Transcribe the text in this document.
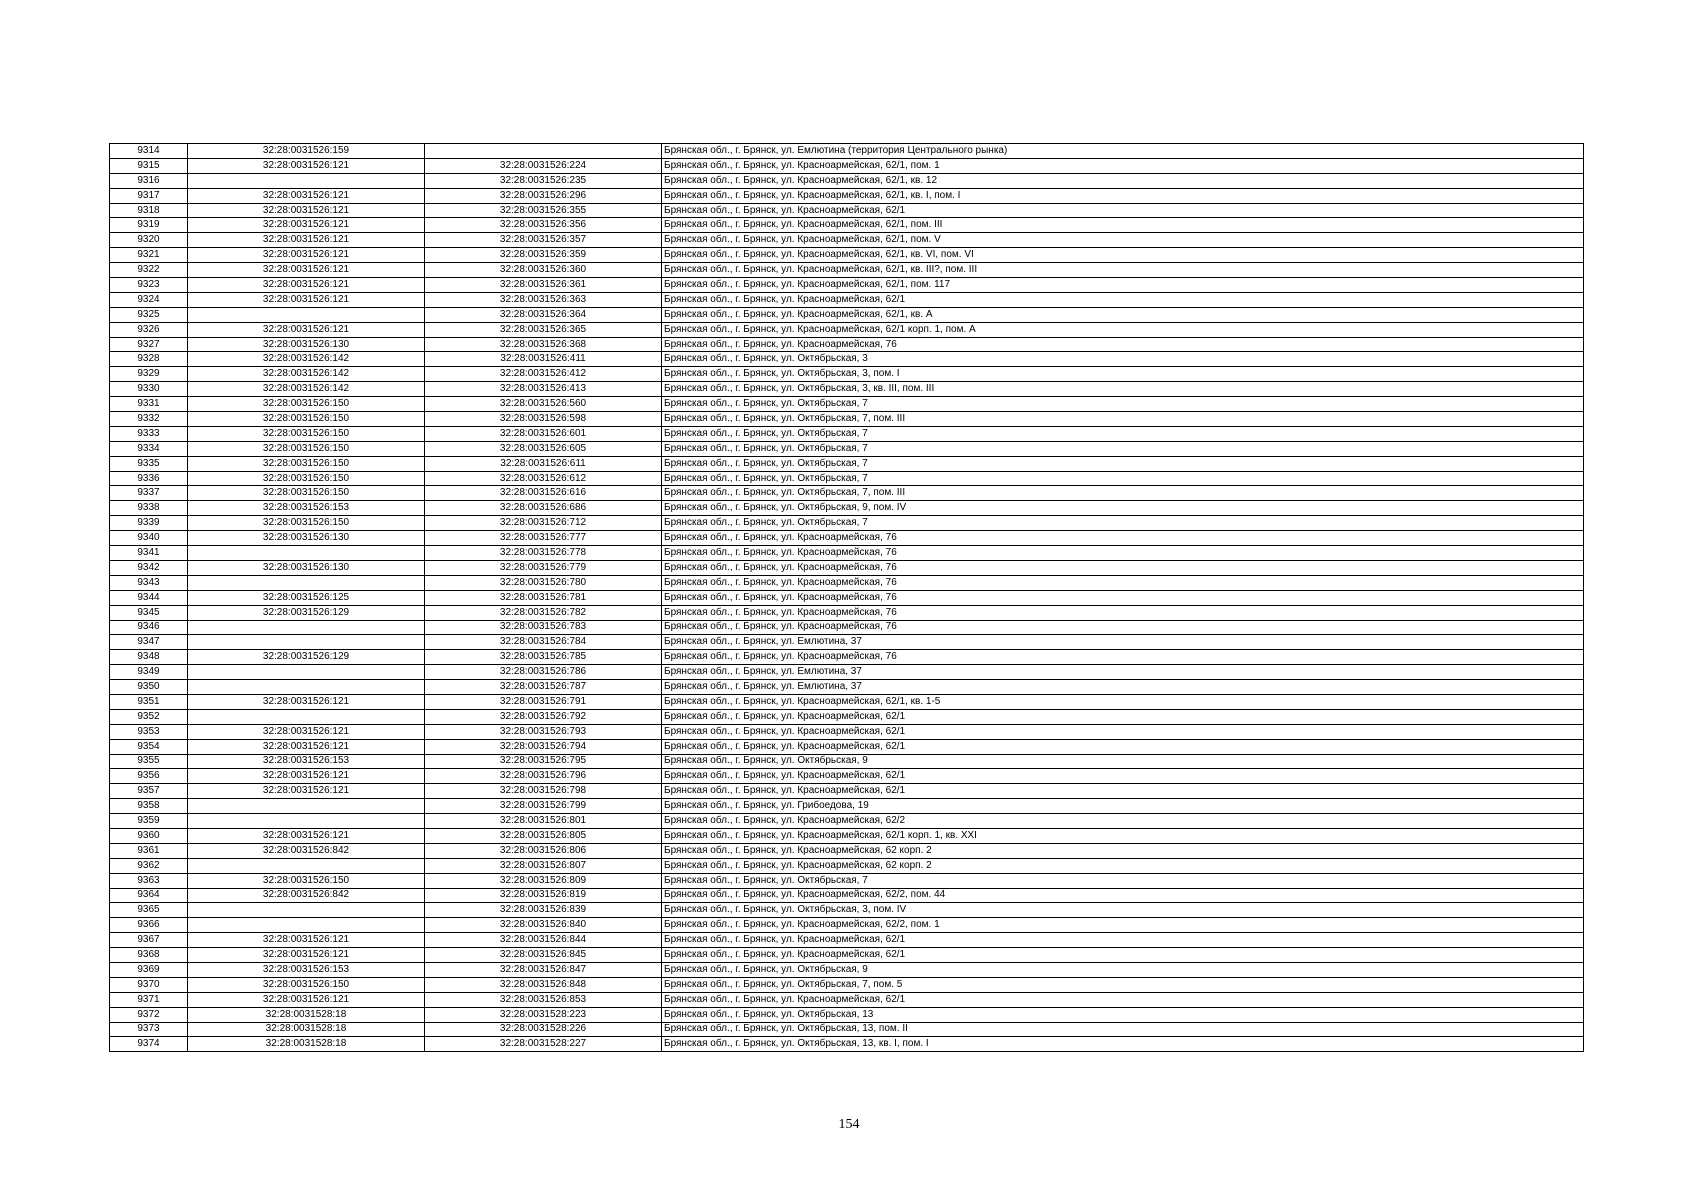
9314	32:28:0031526:159		Брянская обл., г. Брянск, ул. Емлютина (территория Центрального рынка)
9315	32:28:0031526:121	32:28:0031526:224	Брянская обл., г. Брянск, ул. Красноармейская, 62/1, пом. 1
9316		32:28:0031526:235	Брянская обл., г. Брянск, ул. Красноармейская, 62/1, кв. 12
9317	32:28:0031526:121	32:28:0031526:296	Брянская обл., г. Брянск, ул. Красноармейская, 62/1, кв. I, пом. I
9318	32:28:0031526:121	32:28:0031526:355	Брянская обл., г. Брянск, ул. Красноармейская, 62/1
9319	32:28:0031526:121	32:28:0031526:356	Брянская обл., г. Брянск, ул. Красноармейская, 62/1, пом. III
9320	32:28:0031526:121	32:28:0031526:357	Брянская обл., г. Брянск, ул. Красноармейская, 62/1, пом. V
9321	32:28:0031526:121	32:28:0031526:359	Брянская обл., г. Брянск, ул. Красноармейская, 62/1, кв. VI, пом. VI
9322	32:28:0031526:121	32:28:0031526:360	Брянская обл., г. Брянск, ул. Красноармейская, 62/1, кв. III?, пом. III
9323	32:28:0031526:121	32:28:0031526:361	Брянская обл., г. Брянск, ул. Красноармейская, 62/1, пом. 117
9324	32:28:0031526:121	32:28:0031526:363	Брянская обл., г. Брянск, ул. Красноармейская, 62/1
9325		32:28:0031526:364	Брянская обл., г. Брянск, ул. Красноармейская, 62/1, кв. А
9326	32:28:0031526:121	32:28:0031526:365	Брянская обл., г. Брянск, ул. Красноармейская, 62/1 корп. 1, пом. А
9327	32:28:0031526:130	32:28:0031526:368	Брянская обл., г. Брянск, ул. Красноармейская, 76
9328	32:28:0031526:142	32:28:0031526:411	Брянская обл., г. Брянск, ул. Октябрьская, 3
9329	32:28:0031526:142	32:28:0031526:412	Брянская обл., г. Брянск, ул. Октябрьская, 3, пом. I
9330	32:28:0031526:142	32:28:0031526:413	Брянская обл., г. Брянск, ул. Октябрьская, 3, кв. III, пом. III
9331	32:28:0031526:150	32:28:0031526:560	Брянская обл., г. Брянск, ул. Октябрьская, 7
9332	32:28:0031526:150	32:28:0031526:598	Брянская обл., г. Брянск, ул. Октябрьская, 7, пом. III
9333	32:28:0031526:150	32:28:0031526:601	Брянская обл., г. Брянск, ул. Октябрьская, 7
9334	32:28:0031526:150	32:28:0031526:605	Брянская обл., г. Брянск, ул. Октябрьская, 7
9335	32:28:0031526:150	32:28:0031526:611	Брянская обл., г. Брянск, ул. Октябрьская, 7
9336	32:28:0031526:150	32:28:0031526:612	Брянская обл., г. Брянск, ул. Октябрьская, 7
9337	32:28:0031526:150	32:28:0031526:616	Брянская обл., г. Брянск, ул. Октябрьская, 7, пом. III
9338	32:28:0031526:153	32:28:0031526:686	Брянская обл., г. Брянск, ул. Октябрьская, 9, пом. IV
9339	32:28:0031526:150	32:28:0031526:712	Брянская обл., г. Брянск, ул. Октябрьская, 7
9340	32:28:0031526:130	32:28:0031526:777	Брянская обл., г. Брянск, ул. Красноармейская, 76
9341		32:28:0031526:778	Брянская обл., г. Брянск, ул. Красноармейская, 76
9342	32:28:0031526:130	32:28:0031526:779	Брянская обл., г. Брянск, ул. Красноармейская, 76
9343		32:28:0031526:780	Брянская обл., г. Брянск, ул. Красноармейская, 76
9344	32:28:0031526:125	32:28:0031526:781	Брянская обл., г. Брянск, ул. Красноармейская, 76
9345	32:28:0031526:129	32:28:0031526:782	Брянская обл., г. Брянск, ул. Красноармейская, 76
9346		32:28:0031526:783	Брянская обл., г. Брянск, ул. Красноармейская, 76
9347		32:28:0031526:784	Брянская обл., г. Брянск, ул. Емлютина, 37
9348	32:28:0031526:129	32:28:0031526:785	Брянская обл., г. Брянск, ул. Красноармейская, 76
9349		32:28:0031526:786	Брянская обл., г. Брянск, ул. Емлютина, 37
9350		32:28:0031526:787	Брянская обл., г. Брянск, ул. Емлютина, 37
9351	32:28:0031526:121	32:28:0031526:791	Брянская обл., г. Брянск, ул. Красноармейская, 62/1, кв. 1-5
9352		32:28:0031526:792	Брянская обл., г. Брянск, ул. Красноармейская, 62/1
9353	32:28:0031526:121	32:28:0031526:793	Брянская обл., г. Брянск, ул. Красноармейская, 62/1
9354	32:28:0031526:121	32:28:0031526:794	Брянская обл., г. Брянск, ул. Красноармейская, 62/1
9355	32:28:0031526:153	32:28:0031526:795	Брянская обл., г. Брянск, ул. Октябрьская, 9
9356	32:28:0031526:121	32:28:0031526:796	Брянская обл., г. Брянск, ул. Красноармейская, 62/1
9357	32:28:0031526:121	32:28:0031526:798	Брянская обл., г. Брянск, ул. Красноармейская, 62/1
9358		32:28:0031526:799	Брянская обл., г. Брянск, ул. Грибоедова, 19
9359		32:28:0031526:801	Брянская обл., г. Брянск, ул. Красноармейская, 62/2
9360	32:28:0031526:121	32:28:0031526:805	Брянская обл., г. Брянск, ул. Красноармейская, 62/1 корп. 1, кв. XXI
9361	32:28:0031526:842	32:28:0031526:806	Брянская обл., г. Брянск, ул. Красноармейская, 62 корп. 2
9362		32:28:0031526:807	Брянская обл., г. Брянск, ул. Красноармейская, 62 корп. 2
9363	32:28:0031526:150	32:28:0031526:809	Брянская обл., г. Брянск, ул. Октябрьская, 7
9364	32:28:0031526:842	32:28:0031526:819	Брянская обл., г. Брянск, ул. Красноармейская, 62/2, пом. 44
9365		32:28:0031526:839	Брянская обл., г. Брянск, ул. Октябрьская, 3, пом. IV
9366		32:28:0031526:840	Брянская обл., г. Брянск, ул. Красноармейская, 62/2, пом. 1
9367	32:28:0031526:121	32:28:0031526:844	Брянская обл., г. Брянск, ул. Красноармейская, 62/1
9368	32:28:0031526:121	32:28:0031526:845	Брянская обл., г. Брянск, ул. Красноармейская, 62/1
9369	32:28:0031526:153	32:28:0031526:847	Брянская обл., г. Брянск, ул. Октябрьская, 9
9370	32:28:0031526:150	32:28:0031526:848	Брянская обл., г. Брянск, ул. Октябрьская, 7, пом. 5
9371	32:28:0031526:121	32:28:0031526:853	Брянская обл., г. Брянск, ул. Красноармейская, 62/1
9372	32:28:0031528:18	32:28:0031528:223	Брянская обл., г. Брянск, ул. Октябрьская, 13
9373	32:28:0031528:18	32:28:0031528:226	Брянская обл., г. Брянск, ул. Октябрьская, 13, пом. II
9374	32:28:0031528:18	32:28:0031528:227	Брянская обл., г. Брянск, ул. Октябрьская, 13, кв. I, пом. I
154
